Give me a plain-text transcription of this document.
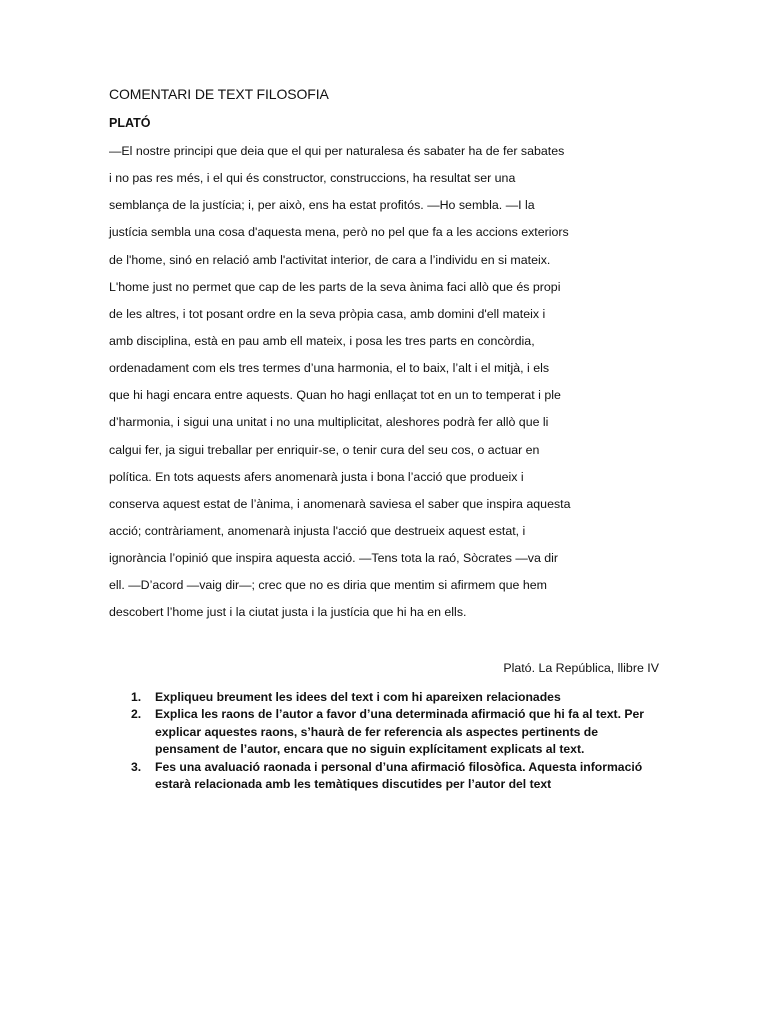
COMENTARI DE TEXT FILOSOFIA
PLATÓ
—El nostre principi que deia que el qui per naturalesa és sabater ha de fer sabates
i no pas res més, i el qui és constructor, construccions, ha resultat ser una
semblança de la justícia; i, per això, ens ha estat profitós. —Ho sembla. —I la
justícia sembla una cosa d'aquesta mena, però no pel que fa a les accions exteriors
de l'home, sinó en relació amb l'activitat interior, de cara a l’individu en si mateix.
L'home just no permet que cap de les parts de la seva ànima faci allò que és propi
de les altres, i tot posant ordre en la seva pròpia casa, amb domini d'ell mateix i
amb disciplina, està en pau amb ell mateix, i posa les tres parts en concòrdia,
ordenadament com els tres termes d’una harmonia, el to baix, l’alt i el mitjà, i els
que hi hagi encara entre aquests. Quan ho hagi enllaçat tot en un to temperat i ple
d’harmonia, i sigui una unitat i no una multiplicitat, aleshores podrà fer allò que li
calgui fer, ja sigui treballar per enriquir-se, o tenir cura del seu cos, o actuar en
política. En tots aquests afers anomenarà justa i bona l’acció que produeix i
conserva aquest estat de l’ànima, i anomenarà saviesa el saber que inspira aquesta
acció; contràriament, anomenarà injusta l'acció que destrueix aquest estat, i
ignorància l’opinió que inspira aquesta acció. —Tens tota la raó, Sòcrates —va dir
ell. —D’acord —vaig dir—; crec que no es diria que mentim si afirmem que hem
descobert l’home just i la ciutat justa i la justícia que hi ha en ells.
Plató. La República, llibre IV
1. Expliqueu breument les idees del text i com hi apareixen relacionades
2. Explica les raons de l’autor a favor d’una determinada afirmació que hi fa al text. Per
explicar aquestes raons, s’haurà de fer referencia als aspectes pertinents de
pensament de l’autor, encara que no siguin explícitament explicats al text.
3. Fes una avaluació raonada i personal d’una afirmació filosòfica. Aquesta informació
estarà relacionada amb les temàtiques discutides per l’autor del text
